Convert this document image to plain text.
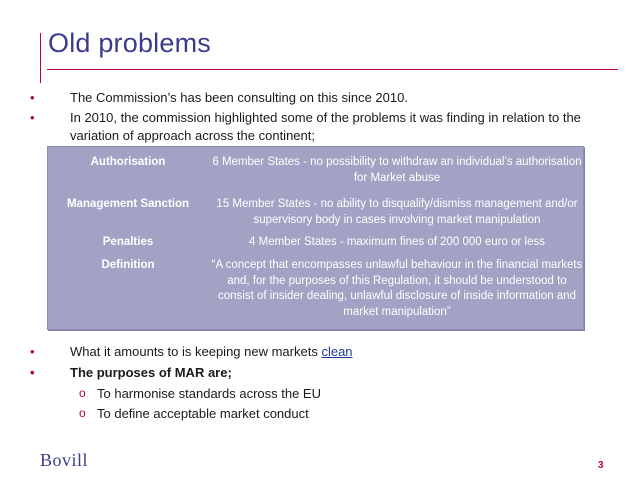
Old problems
•	The Commission’s has been consulting on this since 2010.
•	In 2010, the commission highlighted some of the problems it was finding in relation to the variation of approach across the continent;
Authorisation	6 Member States - no possibility to withdraw an individual’s authorisation for Market abuse
Management Sanction	15 Member States - no ability to disqualify/dismiss management and/or supervisory body in cases involving market manipulation
Penalties	4 Member States - maximum fines of 200 000 euro or less
Definition	“A concept that encompasses unlawful behaviour in the financial markets and, for the purposes of this Regulation, it should be understood to consist of insider dealing, unlawful disclosure of inside information and market manipulation”
•	What it amounts to is keeping new markets clean
•	The purposes of MAR are;
o To harmonise standards across the EU
o To define acceptable market conduct
Bovill	3
